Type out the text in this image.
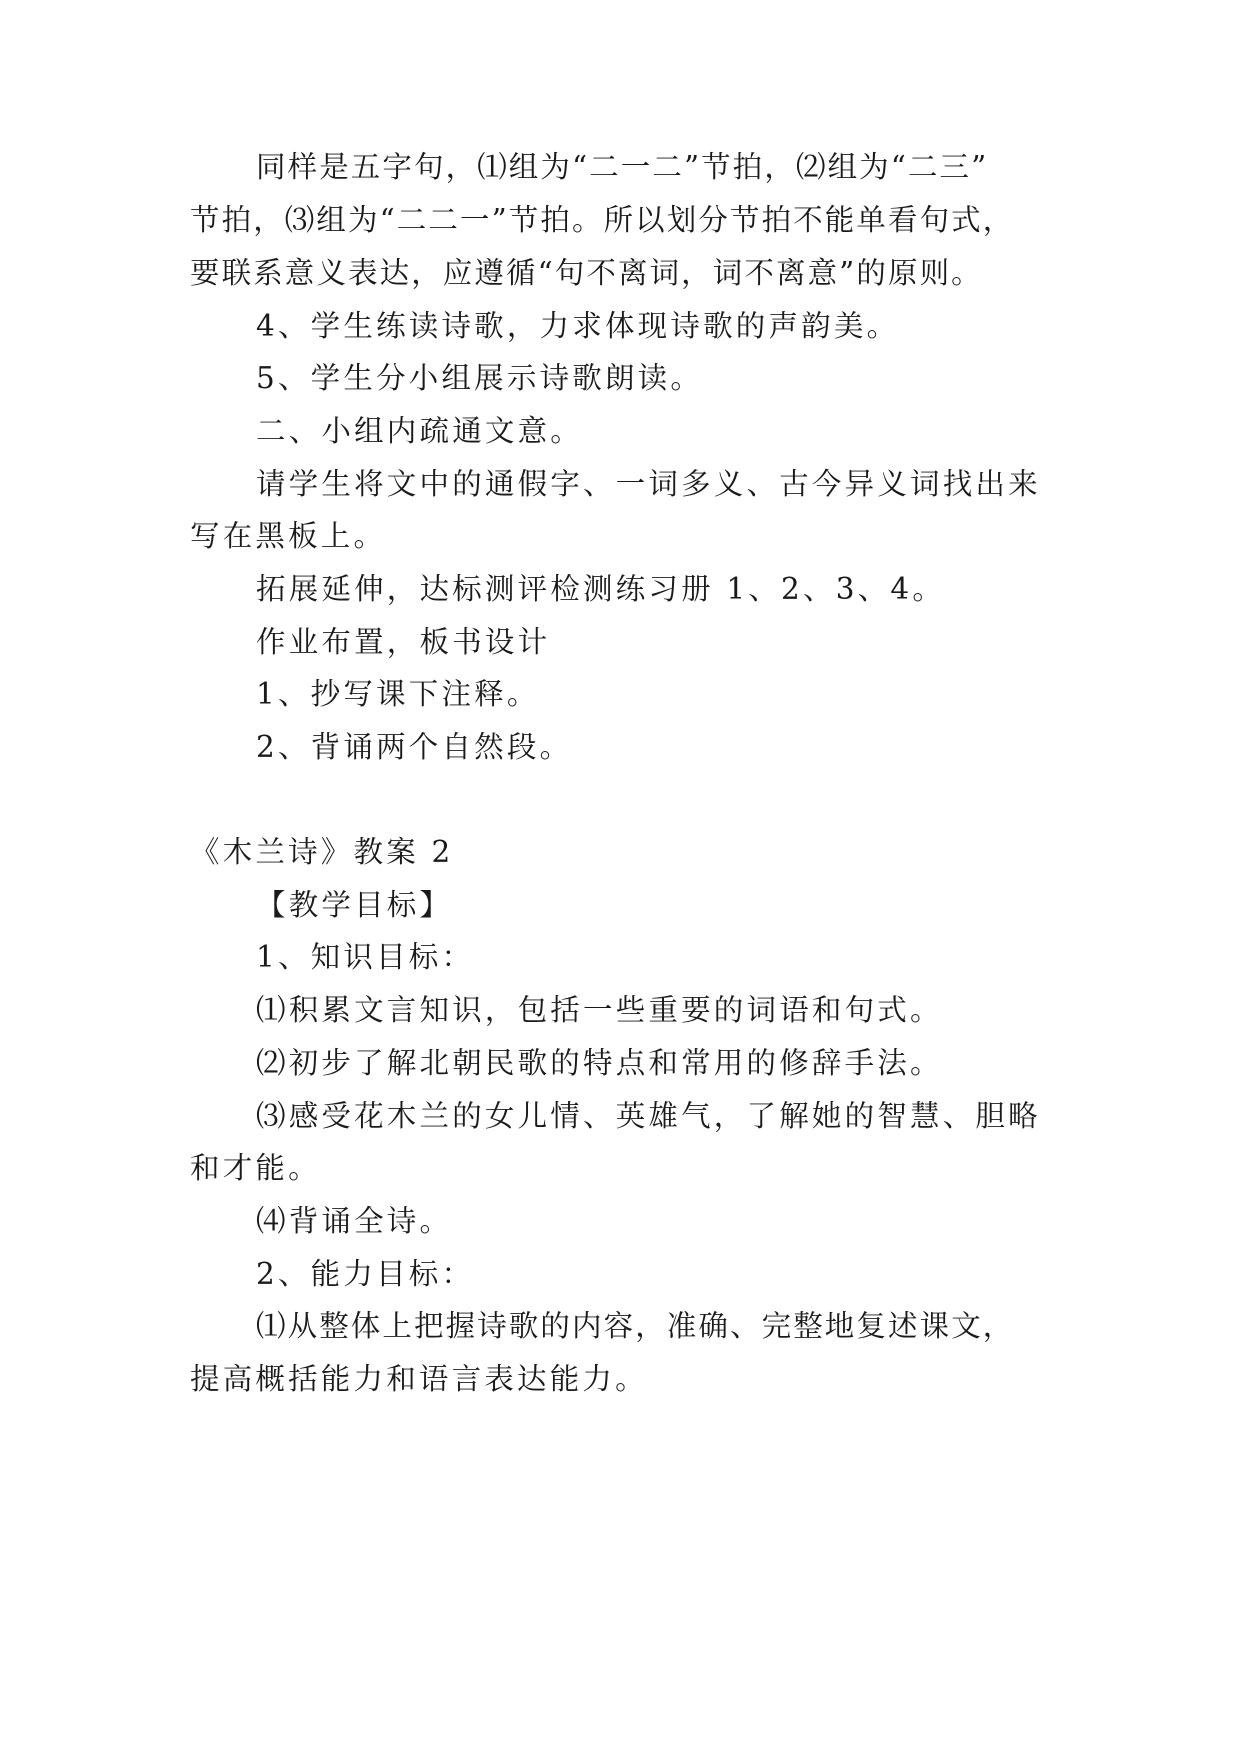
同样是五字句，⑴组为“二一二”节拍，⑵组为“二三”
节拍，⑶组为“二二一”节拍。所以划分节拍不能单看句式，
要联系意义表达，应遵循“句不离词，词不离意”的原则。
4、学生练读诗歌，力求体现诗歌的声韵美。
5、学生分小组展示诗歌朗读。
二、小组内疏通文意。
请学生将文中的通假字、一词多义、古今异义词找出来
写在黑板上。
拓展延伸，达标测评检测练习册 1、2、3、4。
作业布置，板书设计
1、抄写课下注释。
2、背诵两个自然段。
《木兰诗》教案 2
【教学目标】
1、知识目标：
⑴积累文言知识，包括一些重要的词语和句式。
⑵初步了解北朝民歌的特点和常用的修辞手法。
⑶感受花木兰的女儿情、英雄气，了解她的智慧、胆略
和才能。
⑷背诵全诗。
2、能力目标：
⑴从整体上把握诗歌的内容，准确、完整地复述课文，
提高概括能力和语言表达能力。
